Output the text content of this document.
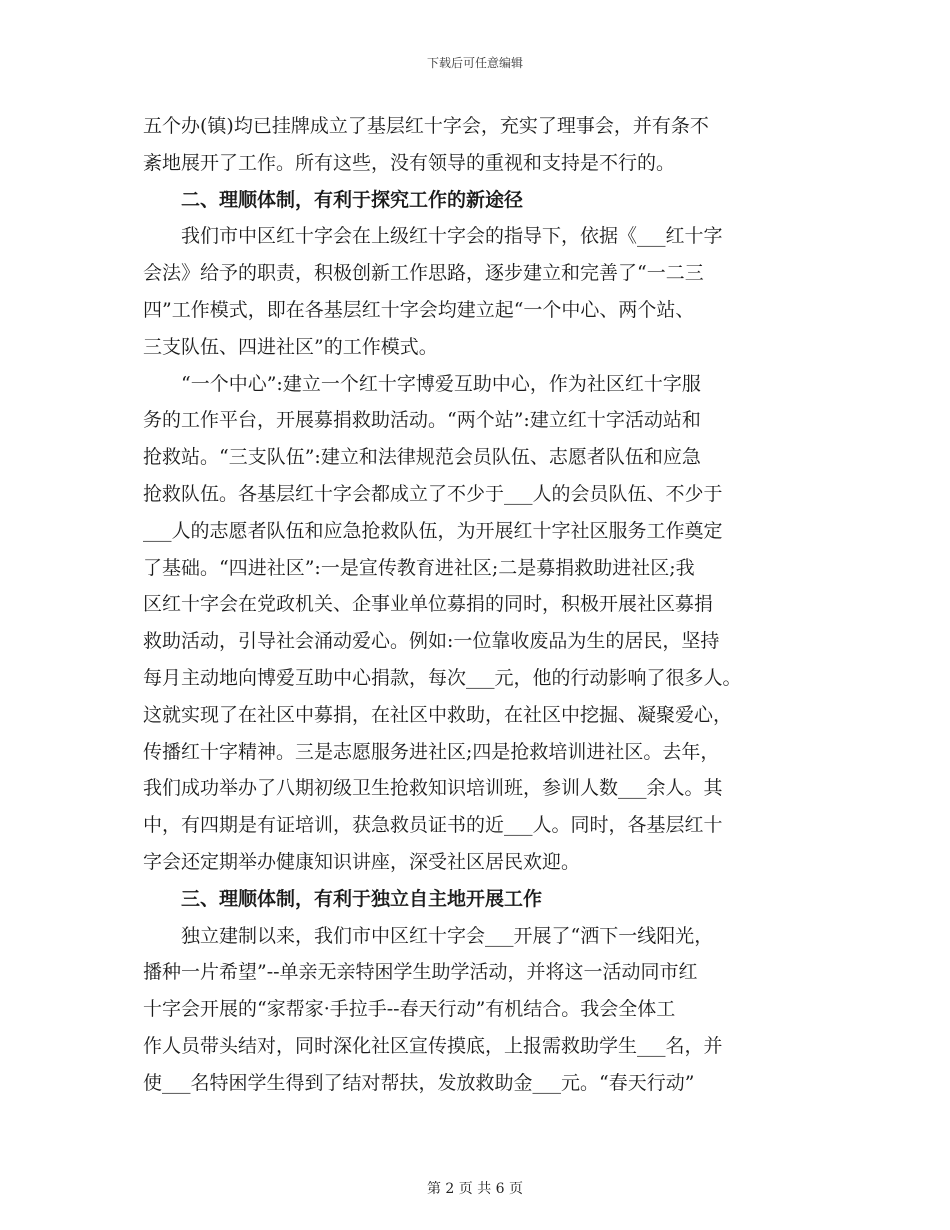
下载后可任意编辑
五个办(镇)均已挂牌成立了基层红十字会，充实了理事会，并有条不
紊地展开了工作。所有这些，没有领导的重视和支持是不行的。
二、理顺体制，有利于探究工作的新途径
　　我们市中区红十字会在上级红十字会的指导下，依据《___红十字
会法》给予的职责，积极创新工作思路，逐步建立和完善了“一二三
四”工作模式，即在各基层红十字会均建立起“一个中心、两个站、
三支队伍、四进社区”的工作模式。
　　“一个中心”:建立一个红十字博爱互助中心，作为社区红十字服
务的工作平台，开展募捐救助活动。“两个站”:建立红十字活动站和
抢救站。“三支队伍”:建立和法律规范会员队伍、志愿者队伍和应急
抢救队伍。各基层红十字会都成立了不少于___人的会员队伍、不少于
___人的志愿者队伍和应急抢救队伍，为开展红十字社区服务工作奠定
了基础。“四进社区”:一是宣传教育进社区;二是募捐救助进社区;我
区红十字会在党政机关、企事业单位募捐的同时，积极开展社区募捐
救助活动，引导社会涌动爱心。例如:一位靠收废品为生的居民，坚持
每月主动地向博爱互助中心捐款，每次___元，他的行动影响了很多人。
这就实现了在社区中募捐，在社区中救助，在社区中挖掘、凝聚爱心，
传播红十字精神。三是志愿服务进社区;四是抢救培训进社区。去年，
我们成功举办了八期初级卫生抢救知识培训班，参训人数___余人。其
中，有四期是有证培训，获急救员证书的近___人。同时，各基层红十
字会还定期举办健康知识讲座，深受社区居民欢迎。
三、理顺体制，有利于独立自主地开展工作
　　独立建制以来，我们市中区红十字会___开展了“洒下一线阳光，
播种一片希望”--单亲无亲特困学生助学活动，并将这一活动同市红
十字会开展的“家帮家·手拉手--春天行动”有机结合。我会全体工
作人员带头结对，同时深化社区宣传摸底，上报需救助学生___名，并
使___名特困学生得到了结对帮扶，发放救助金___元。“春天行动”
第 2 页 共 6 页
